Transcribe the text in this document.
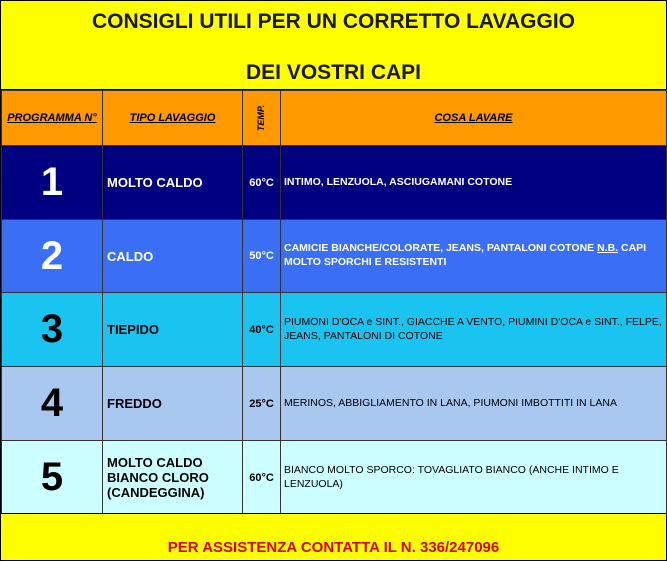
CONSIGLI UTILI PER UN CORRETTO LAVAGGIO
DEI VOSTRI CAPI
PROGRAMMA N°	TIPO LAVAGGIO	TEMP.	COSA LAVARE
1	MOLTO CALDO	60°C	INTIMO, LENZUOLA, ASCIUGAMANI COTONE
2	CALDO	50°C	CAMICIE BIANCHE/COLORATE, JEANS, PANTALONI COTONE N.B. CAPI MOLTO SPORCHI E RESISTENTI
3	TIEPIDO	40°C	PIUMONI D'OCA e SINT., GIACCHE A VENTO, PIUMINI D'OCA e SINT., FELPE, JEANS, PANTALONI DI COTONE
4	FREDDO	25°C	MERINOS, ABBIGLIAMENTO IN LANA, PIUMONI IMBOTTITI IN LANA
5	MOLTO CALDO
BIANCO CLORO
(CANDEGGINA)	60°C	BIANCO MOLTO SPORCO: TOVAGLIATO BIANCO (ANCHE INTIMO E LENZUOLA)
PER ASSISTENZA CONTATTA IL N. 336/247096
